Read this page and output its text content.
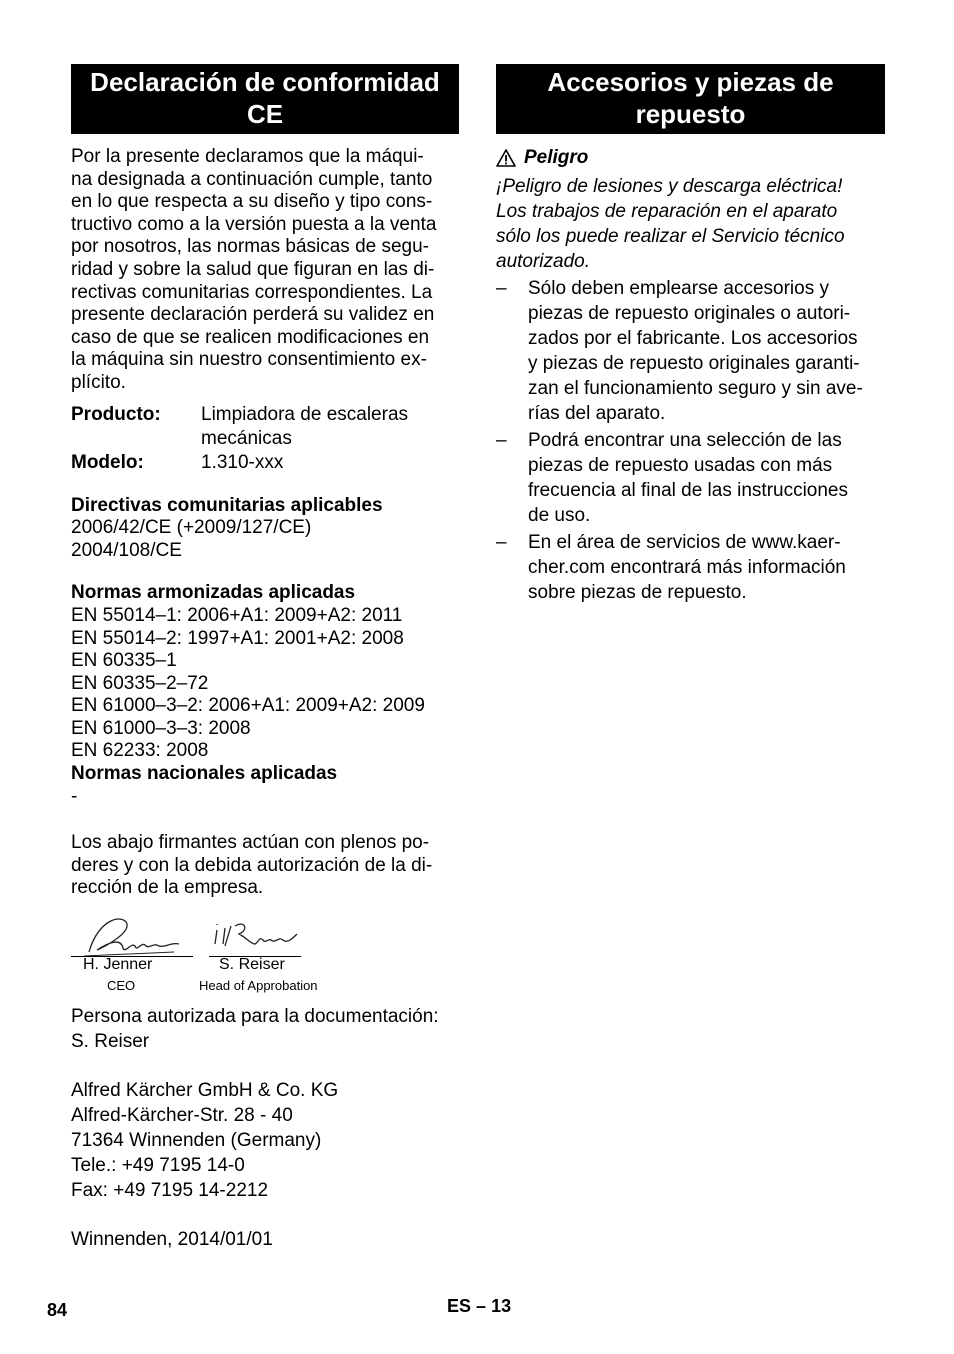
Declaración de conformidad CE
Por la presente declaramos que la máqui-
na designada a continuación cumple, tanto
en lo que respecta a su diseño y tipo cons-
tructivo como a la versión puesta a la venta
por nosotros, las normas básicas de segu-
ridad y sobre la salud que figuran en las di-
rectivas comunitarias correspondientes. La
presente declaración perderá su validez en
caso de que se realicen modificaciones en
la máquina sin nuestro consentimiento ex-
plícito.
Producto:	Limpiadora de escaleras
mecánicas
Modelo:	1.310-xxx
Directivas comunitarias aplicables
2006/42/CE (+2009/127/CE)
2004/108/CE
Normas armonizadas aplicadas
EN 55014–1: 2006+A1: 2009+A2: 2011
EN 55014–2: 1997+A1: 2001+A2: 2008
EN 60335–1
EN 60335–2–72
EN 61000–3–2: 2006+A1: 2009+A2: 2009
EN 61000–3–3: 2008
EN 62233: 2008
Normas nacionales aplicadas
-
Los abajo firmantes actúan con plenos po-
deres y con la debida autorización de la di-
rección de la empresa.
H. Jenner	S. Reiser
CEO	Head of Approbation
Persona autorizada para la documentación:
S. Reiser
Alfred Kärcher GmbH & Co. KG
Alfred-Kärcher-Str. 28 - 40
71364 Winnenden (Germany)
Tele.: +49 7195 14-0
Fax: +49 7195 14-2212
Winnenden, 2014/01/01
Accesorios y piezas de repuesto
Peligro
¡Peligro de lesiones y descarga eléctrica!
Los trabajos de reparación en el aparato
sólo los puede realizar el Servicio técnico
autorizado.
–	Sólo deben emplearse accesorios y
piezas de repuesto originales o autori-
zados por el fabricante. Los accesorios
y piezas de repuesto originales garanti-
zan el funcionamiento seguro y sin ave-
rías del aparato.
–	Podrá encontrar una selección de las
piezas de repuesto usadas con más
frecuencia al final de las instrucciones
de uso.
–	En el área de servicios de www.kaer-
cher.com encontrará más información
sobre piezas de repuesto.
84	ES – 13
